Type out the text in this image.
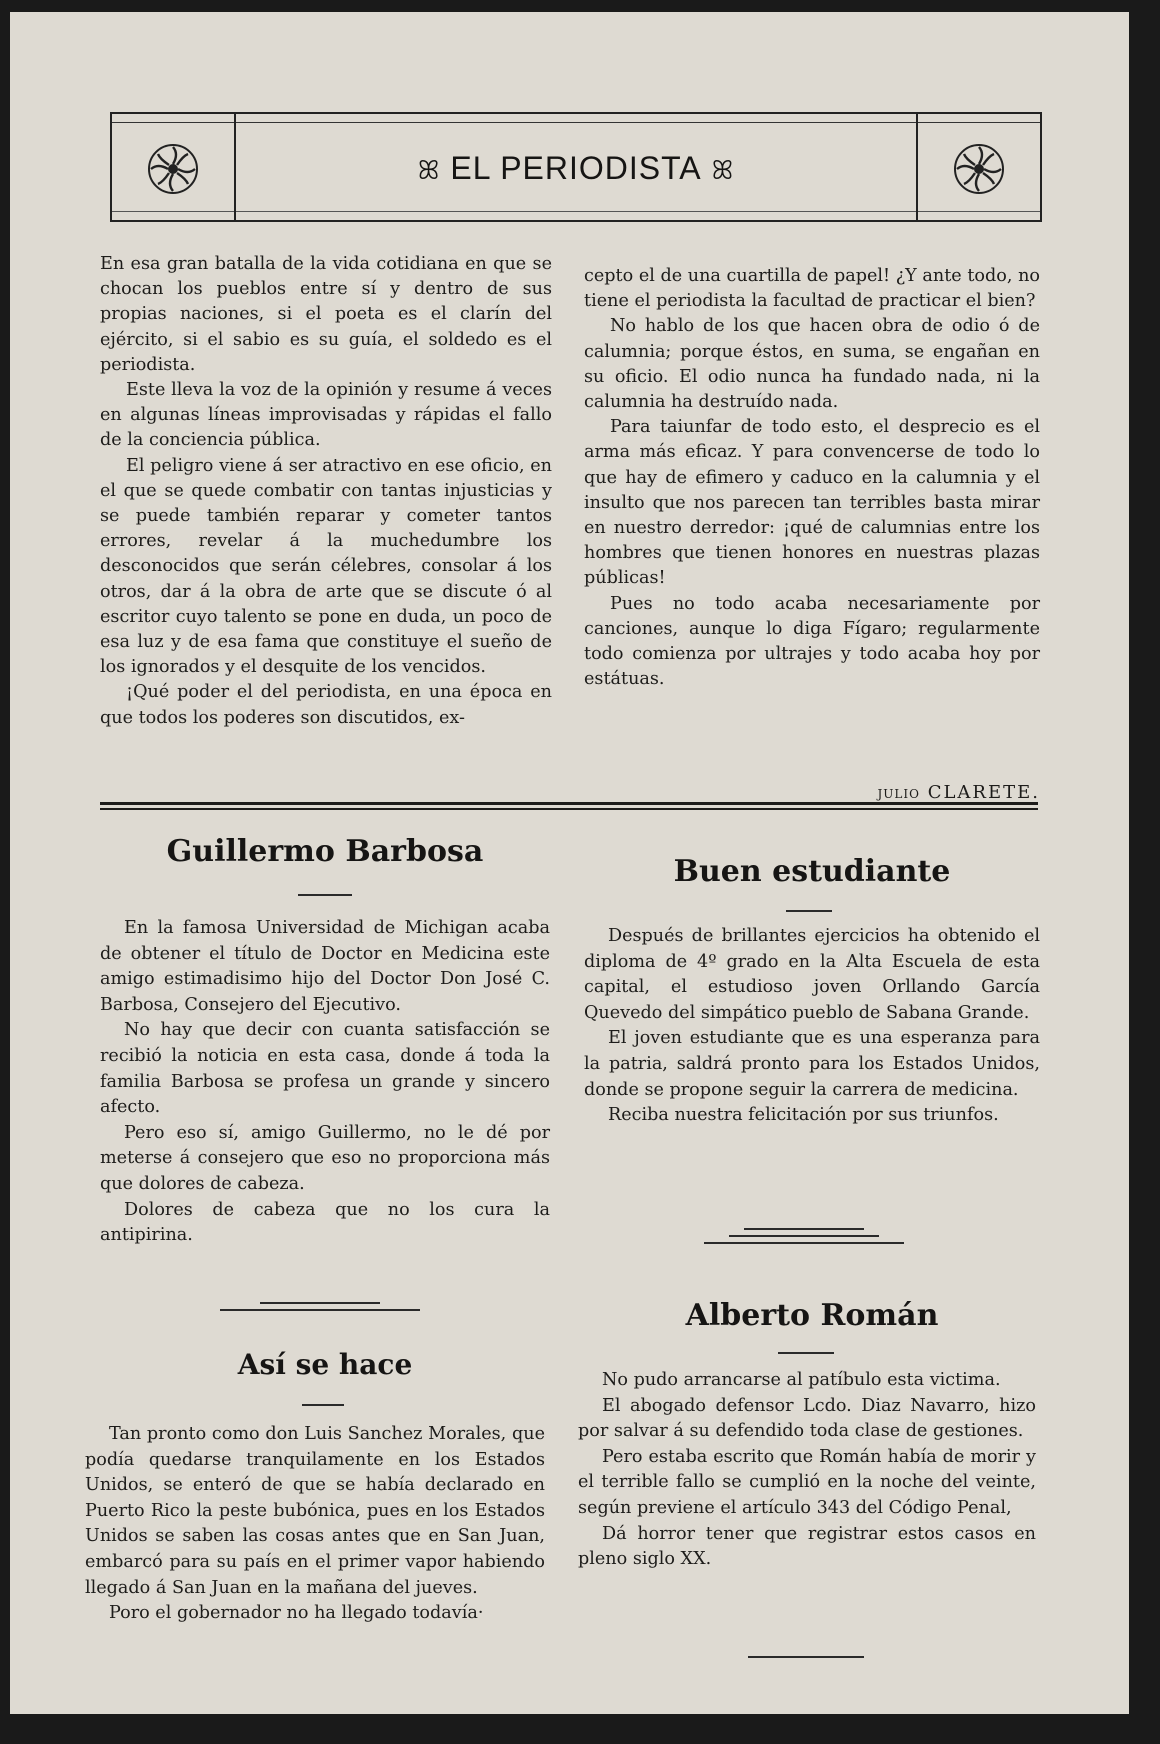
ꕤ EL PERIODISTA ꕤ

En esa gran batalla de la vida cotidiana en que se chocan los pueblos entre sí y dentro de sus propias naciones, si el poeta es el clarín del ejército, si el sabio es su guía, el soldedo es el periodista.

Este lleva la voz de la opinión y resume á veces en algunas líneas improvisadas y rápidas el fallo de la conciencia pública.

El peligro viene á ser atractivo en ese oficio, en el que se quede combatir con tantas injusticias y se puede también reparar y cometer tantos errores, revelar á la muchedumbre los desconocidos que serán célebres, consolar á los otros, dar á la obra de arte que se discute ó al escritor cuyo talento se pone en duda, un poco de esa luz y de esa fama que constituye el sueño de los ignorados y el desquite de los vencidos.

¡Qué poder el del periodista, en una época en que todos los poderes son discutidos, ex-

cepto el de una cuartilla de papel! ¿Y ante todo, no tiene el periodista la facultad de practicar el bien?

No hablo de los que hacen obra de odio ó de calumnia; porque éstos, en suma, se engañan en su oficio. El odio nunca ha fundado nada, ni la calumnia ha destruído nada.

Para taiunfar de todo esto, el desprecio es el arma más eficaz. Y para convencerse de todo lo que hay de efimero y caduco en la calumnia y el insulto que nos parecen tan terribles basta mirar en nuestro derredor: ¡qué de calumnias entre los hombres que tienen honores en nuestras plazas públicas!

Pues no todo acaba necesariamente por canciones, aunque lo diga Fígaro; regularmente todo comienza por ultrajes y todo acaba hoy por estátuas.

JULIO CLARETE.
Guillermo Barbosa

En la famosa Universidad de Michigan acaba de obtener el título de Doctor en Medicina este amigo estimadisimo hijo del Doctor Don José C. Barbosa, Consejero del Ejecutivo.

No hay que decir con cuanta satisfacción se recibió la noticia en esta casa, donde á toda la familia Barbosa se profesa un grande y sincero afecto.

Pero eso sí, amigo Guillermo, no le dé por meterse á consejero que eso no proporciona más que dolores de cabeza.

Dolores de cabeza que no los cura la antipirina.

Así se hace

Tan pronto como don Luis Sanchez Morales, que podía quedarse tranquilamente en los Estados Unidos, se enteró de que se había declarado en Puerto Rico la peste bubónica, pues en los Estados Unidos se saben las cosas antes que en San Juan, embarcó para su país en el primer vapor habiendo llegado á San Juan en la mañana del jueves.

Poro el gobernador no ha llegado todavía·

Buen estudiante

Después de brillantes ejercicios ha obtenido el diploma de 4º grado en la Alta Escuela de esta capital, el estudioso joven Orllando García Quevedo del simpático pueblo de Sabana Grande.

El joven estudiante que es una esperanza para la patria, saldrá pronto para los Estados Unidos, donde se propone seguir la carrera de medicina.

Reciba nuestra felicitación por sus triunfos.

Alberto Román

No pudo arrancarse al patíbulo esta victima.

El abogado defensor Lcdo. Diaz Navarro, hizo por salvar á su defendido toda clase de gestiones.

Pero estaba escrito que Román había de morir y el terrible fallo se cumplió en la noche del veinte, según previene el artículo 343 del Código Penal,

Dá horror tener que registrar estos casos en pleno siglo XX.
